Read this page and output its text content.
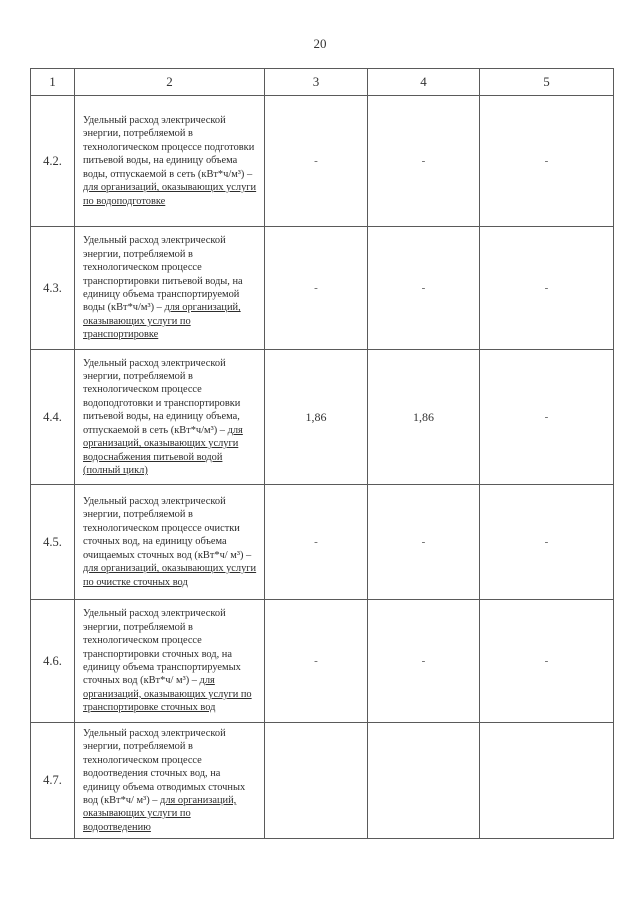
20
1	2	3	4	5
4.2.	Удельный расход электрической энергии, потребляемой в технологическом процессе подготовки питьевой воды, на единицу объема воды, отпускаемой в сеть (кВт*ч/м³) – для организаций, оказывающих услуги по водоподготовке	-	-	-
4.3.	Удельный расход электрической энергии, потребляемой в технологическом процессе транспортировки питьевой воды, на единицу объема транспортируемой воды (кВт*ч/м³) – для организаций, оказывающих услуги по транспортировке	-	-	-
4.4.	Удельный расход электрической энергии, потребляемой в технологическом процессе водоподготовки и транспортировки питьевой воды, на единицу объема, отпускаемой в сеть (кВт*ч/м³) – для организаций, оказывающих услуги водоснабжения питьевой водой (полный цикл)	1,86	1,86	-
4.5.	Удельный расход электрической энергии, потребляемой в технологическом процессе очистки сточных вод, на единицу объема очищаемых сточных вод (кВт*ч/ м³) – для организаций, оказывающих услуги по очистке сточных вод	-	-	-
4.6.	Удельный расход электрической энергии, потребляемой в технологическом процессе транспортировки сточных вод, на единицу объема транспортируемых сточных вод (кВт*ч/ м³) – для организаций, оказывающих услуги по транспортировке сточных вод	-	-	-
4.7.	Удельный расход электрической энергии, потребляемой в технологическом процессе водоотведения сточных вод, на единицу объема отводимых сточных вод (кВт*ч/ м³) – для организаций, оказывающих услуги по водоотведению			
